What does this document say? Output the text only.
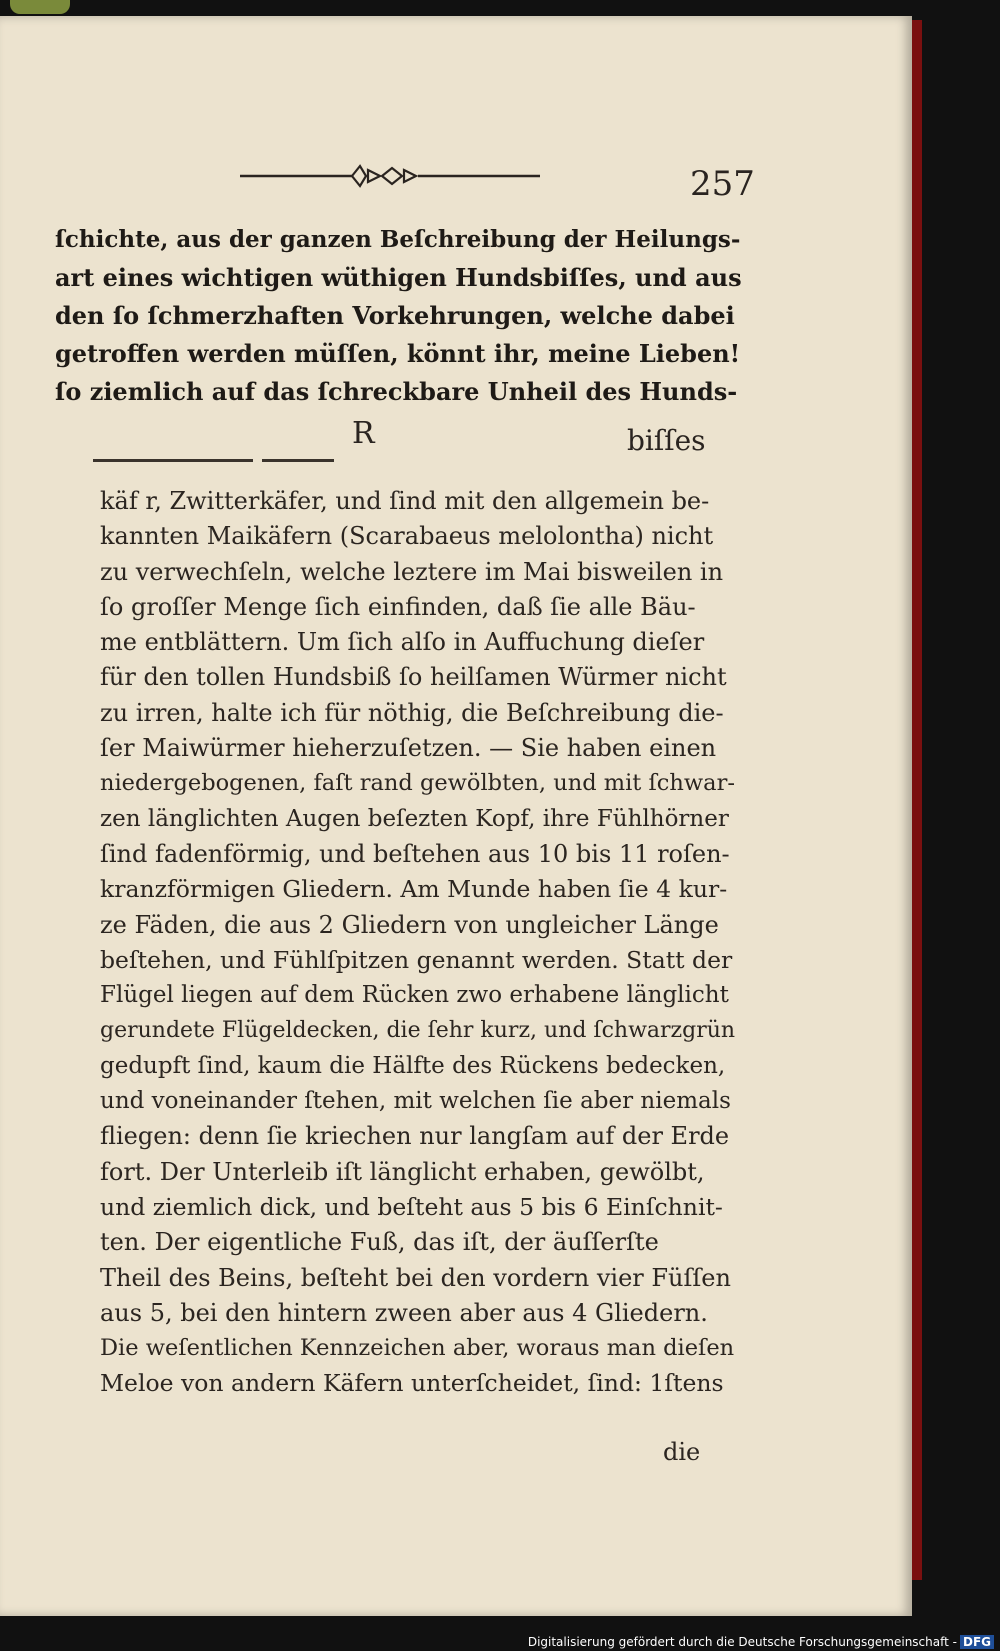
257
ſchichte, aus der ganzen Beſchreibung der Heilungs-
art eines wichtigen wüthigen Hundsbiſſes, und aus
den ſo ſchmerzhaften Vorkehrungen, welche dabei
getroffen werden müſſen, könnt ihr, meine Lieben!
ſo ziemlich auf das ſchreckbare Unheil des Hunds-
R	biſſes
käf r, Zwitterkäfer, und ſind mit den allgemein be-
kannten Maikäfern (Scarabaeus melolontha) nicht
zu verwechſeln, welche leztere im Mai bisweilen in
ſo groſſer Menge ſich einfinden, daß ſie alle Bäu-
me entblättern. Um ſich alſo in Auffuchung dieſer
für den tollen Hundsbiß ſo heilſamen Würmer nicht
zu irren, halte ich für nöthig, die Beſchreibung die-
ſer Maiwürmer hieherzuſetzen. — Sie haben einen
niedergebogenen, faſt rand gewölbten, und mit ſchwar-
zen länglichten Augen beſezten Kopf, ihre Fühlhörner
ſind fadenförmig, und beſtehen aus 10 bis 11 roſen-
kranzförmigen Gliedern. Am Munde haben ſie 4 kur-
ze Fäden, die aus 2 Gliedern von ungleicher Länge
beſtehen, und Fühlſpitzen genannt werden. Statt der
Flügel liegen auf dem Rücken zwo erhabene länglicht
gerundete Flügeldecken, die ſehr kurz, und ſchwarzgrün
gedupft ſind, kaum die Hälfte des Rückens bedecken,
und voneinander ſtehen, mit welchen ſie aber niemals
fliegen: denn ſie kriechen nur langſam auf der Erde
fort. Der Unterleib iſt länglicht erhaben, gewölbt,
und ziemlich dick, und beſteht aus 5 bis 6 Einſchnit-
ten. Der eigentliche Fuß, das iſt, der äuſſerſte
Theil des Beins, beſteht bei den vordern vier Füſſen
aus 5, bei den hintern zween aber aus 4 Gliedern.
Die weſentlichen Kennzeichen aber, woraus man dieſen
Meloe von andern Käfern unterſcheidet, ſind: 1ſtens
die
Digitalisierung gefördert durch die Deutsche Forschungsgemeinschaft - DFG
